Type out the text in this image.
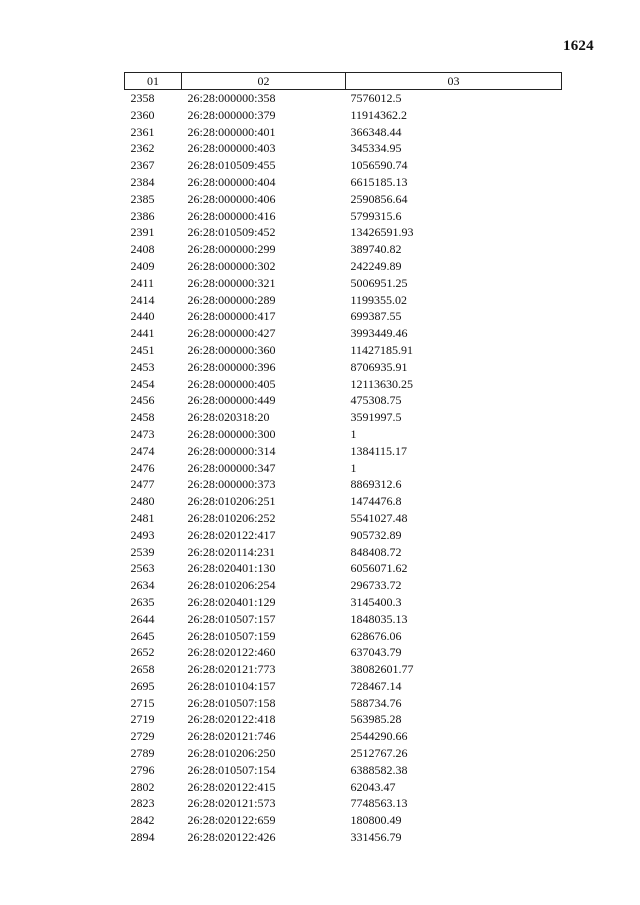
1624
01	02	03
2358	26:28:000000:358	7576012.5
2360	26:28:000000:379	11914362.2
2361	26:28:000000:401	366348.44
2362	26:28:000000:403	345334.95
2367	26:28:010509:455	1056590.74
2384	26:28:000000:404	6615185.13
2385	26:28:000000:406	2590856.64
2386	26:28:000000:416	5799315.6
2391	26:28:010509:452	13426591.93
2408	26:28:000000:299	389740.82
2409	26:28:000000:302	242249.89
2411	26:28:000000:321	5006951.25
2414	26:28:000000:289	1199355.02
2440	26:28:000000:417	699387.55
2441	26:28:000000:427	3993449.46
2451	26:28:000000:360	11427185.91
2453	26:28:000000:396	8706935.91
2454	26:28:000000:405	12113630.25
2456	26:28:000000:449	475308.75
2458	26:28:020318:20	3591997.5
2473	26:28:000000:300	1
2474	26:28:000000:314	1384115.17
2476	26:28:000000:347	1
2477	26:28:000000:373	8869312.6
2480	26:28:010206:251	1474476.8
2481	26:28:010206:252	5541027.48
2493	26:28:020122:417	905732.89
2539	26:28:020114:231	848408.72
2563	26:28:020401:130	6056071.62
2634	26:28:010206:254	296733.72
2635	26:28:020401:129	3145400.3
2644	26:28:010507:157	1848035.13
2645	26:28:010507:159	628676.06
2652	26:28:020122:460	637043.79
2658	26:28:020121:773	38082601.77
2695	26:28:010104:157	728467.14
2715	26:28:010507:158	588734.76
2719	26:28:020122:418	563985.28
2729	26:28:020121:746	2544290.66
2789	26:28:010206:250	2512767.26
2796	26:28:010507:154	6388582.38
2802	26:28:020122:415	62043.47
2823	26:28:020121:573	7748563.13
2842	26:28:020122:659	180800.49
2894	26:28:020122:426	331456.79
